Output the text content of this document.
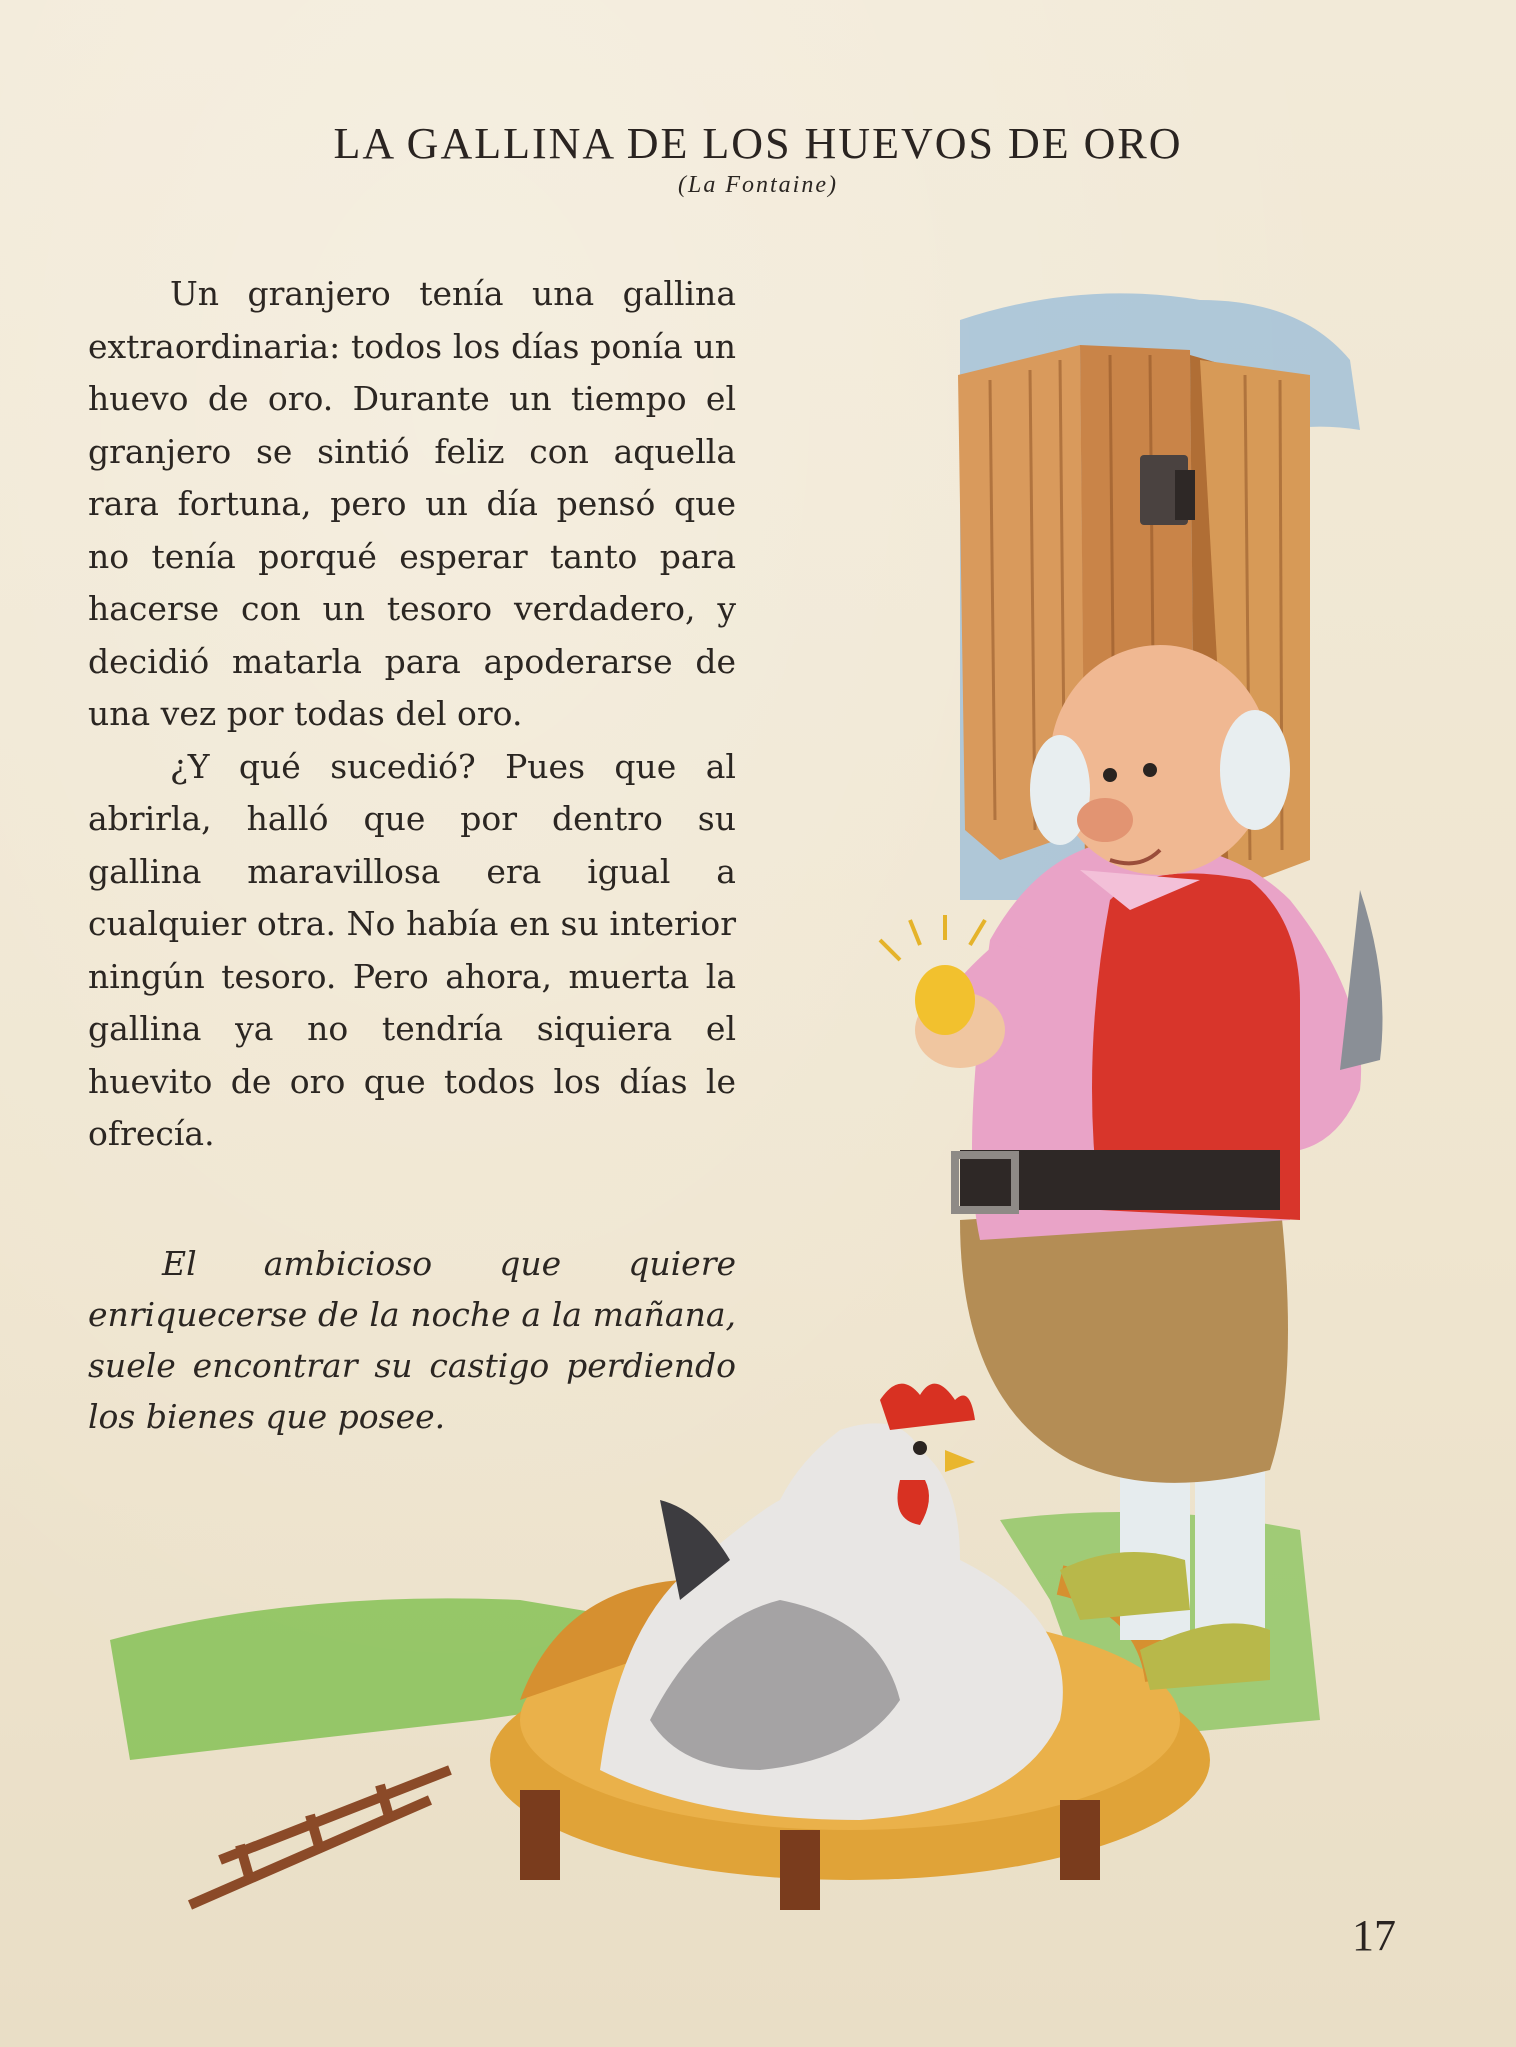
LA GALLINA DE LOS HUEVOS DE ORO
(La Fontaine)

Un granjero tenía una gallina extraordinaria: todos los días ponía un huevo de oro. Durante un tiempo el granjero se sintió feliz con aquella rara fortuna, pero un día pensó que no tenía porqué esperar tanto para hacerse con un tesoro verdadero, y decidió matarla para apoderarse de una vez por todas del oro.

¿Y qué sucedió? Pues que al abrirla, halló que por dentro su gallina maravillosa era igual a cualquier otra. No había en su interior ningún tesoro. Pero ahora, muerta la gallina ya no tendría siquiera el huevito de oro que todos los días le ofrecía.

El ambicioso que quiere enriquecerse de la noche a la mañana, suele encontrar su castigo perdiendo los bienes que posee.

17
